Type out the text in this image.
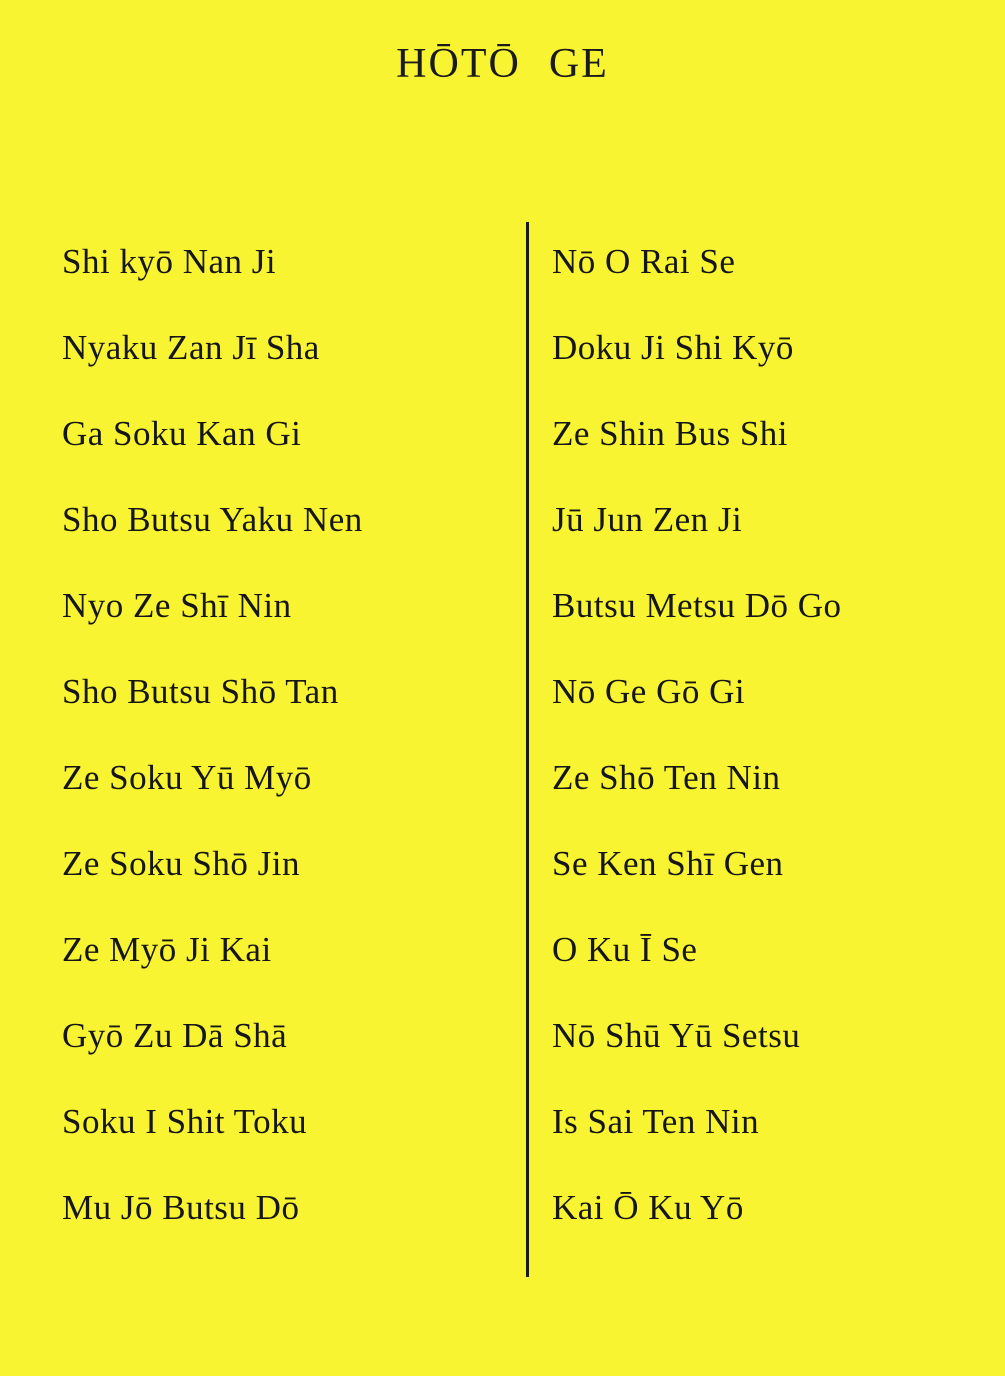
HŌTŌ GE
Shi kyō Nan Ji
Nyaku Zan Jī Sha
Ga Soku Kan Gi
Sho Butsu Yaku Nen
Nyo Ze Shī Nin
Sho Butsu Shō Tan
Ze Soku Yū Myō
Ze Soku Shō Jin
Ze Myō Ji Kai
Gyō Zu Dā Shā
Soku I Shit Toku
Mu Jō Butsu Dō
Nō O Rai Se
Doku Ji Shi Kyō
Ze Shin Bus Shi
Jū Jun Zen Ji
Butsu Metsu Dō Go
Nō Ge Gō Gi
Ze Shō Ten Nin
Se Ken Shī Gen
O Ku Ī Se
Nō Shū Yū Setsu
Is Sai Ten Nin
Kai Ō Ku Yō
